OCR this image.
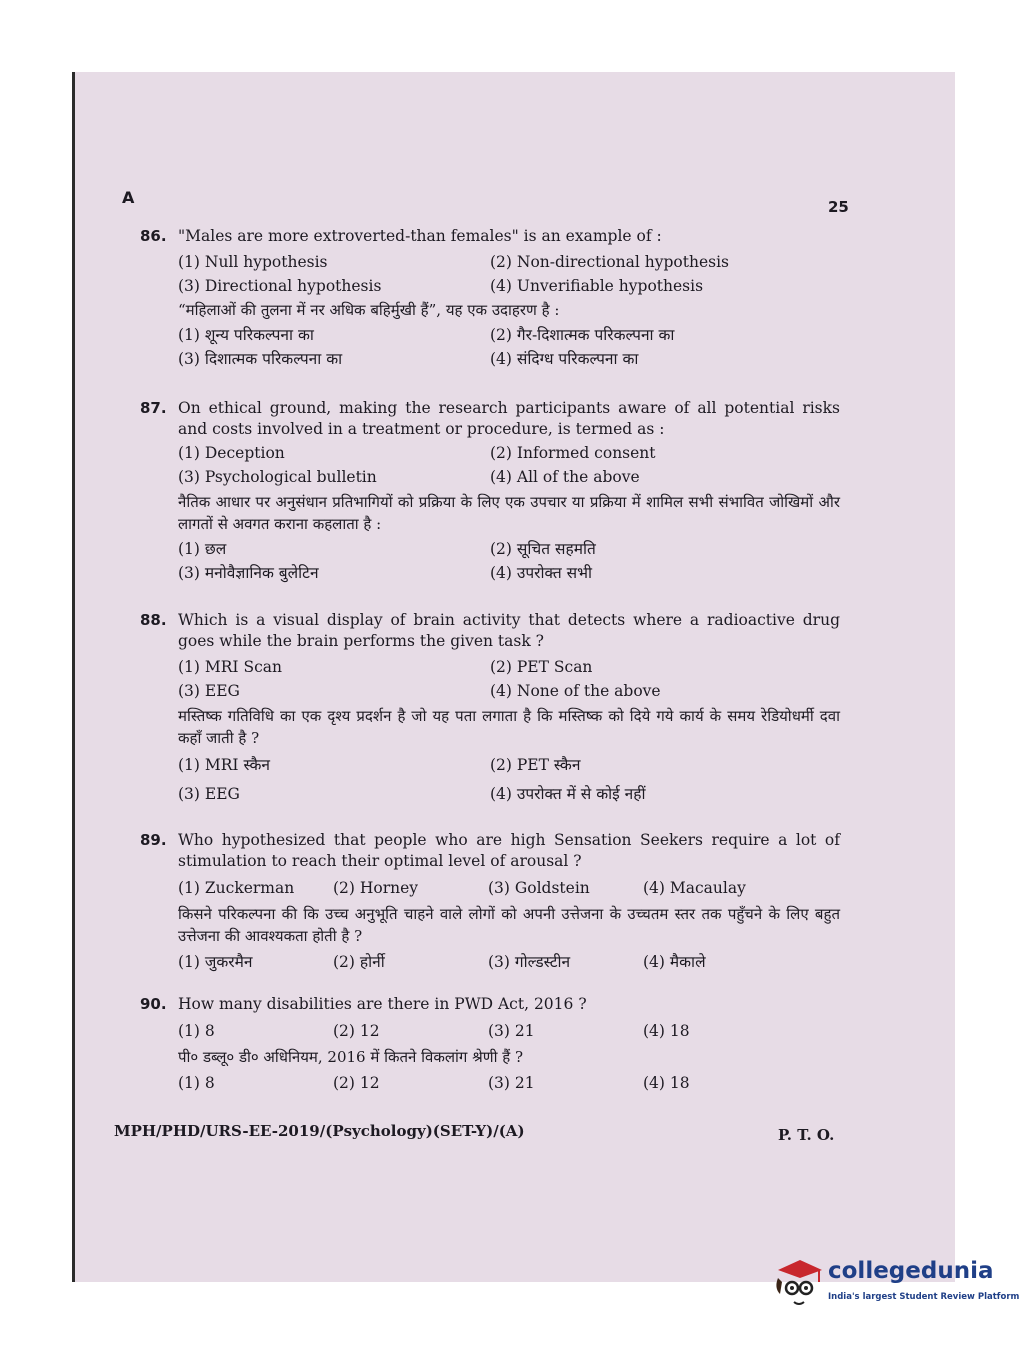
A	25
86. "Males are more extroverted-than females" is an example of :
(1) Null hypothesis	(2) Non-directional hypothesis
(3) Directional hypothesis	(4) Unverifiable hypothesis
“महिलाओं की तुलना में नर अधिक बहिर्मुखी हैं”, यह एक उदाहरण है :
(1) शून्य परिकल्पना का	(2) गैर-दिशात्मक परिकल्पना का
(3) दिशात्मक परिकल्पना का	(4) संदिग्ध परिकल्पना का
87. On ethical ground, making the research participants aware of all potential risks and costs involved in a treatment or procedure, is termed as :
(1) Deception	(2) Informed consent
(3) Psychological bulletin	(4) All of the above
नैतिक आधार पर अनुसंधान प्रतिभागियों को प्रक्रिया के लिए एक उपचार या प्रक्रिया में शामिल सभी संभावित जोखिमों और लागतों से अवगत कराना कहलाता है :
(1) छल	(2) सूचित सहमति
(3) मनोवैज्ञानिक बुलेटिन	(4) उपरोक्त सभी
88. Which is a visual display of brain activity that detects where a radioactive drug goes while the brain performs the given task ?
(1) MRI Scan	(2) PET Scan
(3) EEG	(4) None of the above
मस्तिष्क गतिविधि का एक दृश्य प्रदर्शन है जो यह पता लगाता है कि मस्तिष्क को दिये गये कार्य के समय रेडियोधर्मी दवा कहाँ जाती है ?
(1) MRI स्कैन	(2) PET स्कैन
(3) EEG	(4) उपरोक्त में से कोई नहीं
89. Who hypothesized that people who are high Sensation Seekers require a lot of stimulation to reach their optimal level of arousal ?
(1) Zuckerman	(2) Horney	(3) Goldstein	(4) Macaulay
किसने परिकल्पना की कि उच्च अनुभूति चाहने वाले लोगों को अपनी उत्तेजना के उच्चतम स्तर तक पहुँचने के लिए बहुत उत्तेजना की आवश्यकता होती है ?
(1) जुकरमैन	(2) होर्नी	(3) गोल्डस्टीन	(4) मैकाले
90. How many disabilities are there in PWD Act, 2016 ?
(1) 8	(2) 12	(3) 21	(4) 18
पी० डब्लू० डी० अधिनियम, 2016 में कितने विकलांग श्रेणी हैं ?
(1) 8	(2) 12	(3) 21	(4) 18
MPH/PHD/URS-EE-2019/(Psychology)(SET-Y)/(A)	P. T. O.
collegedunia
India's largest Student Review Platform
